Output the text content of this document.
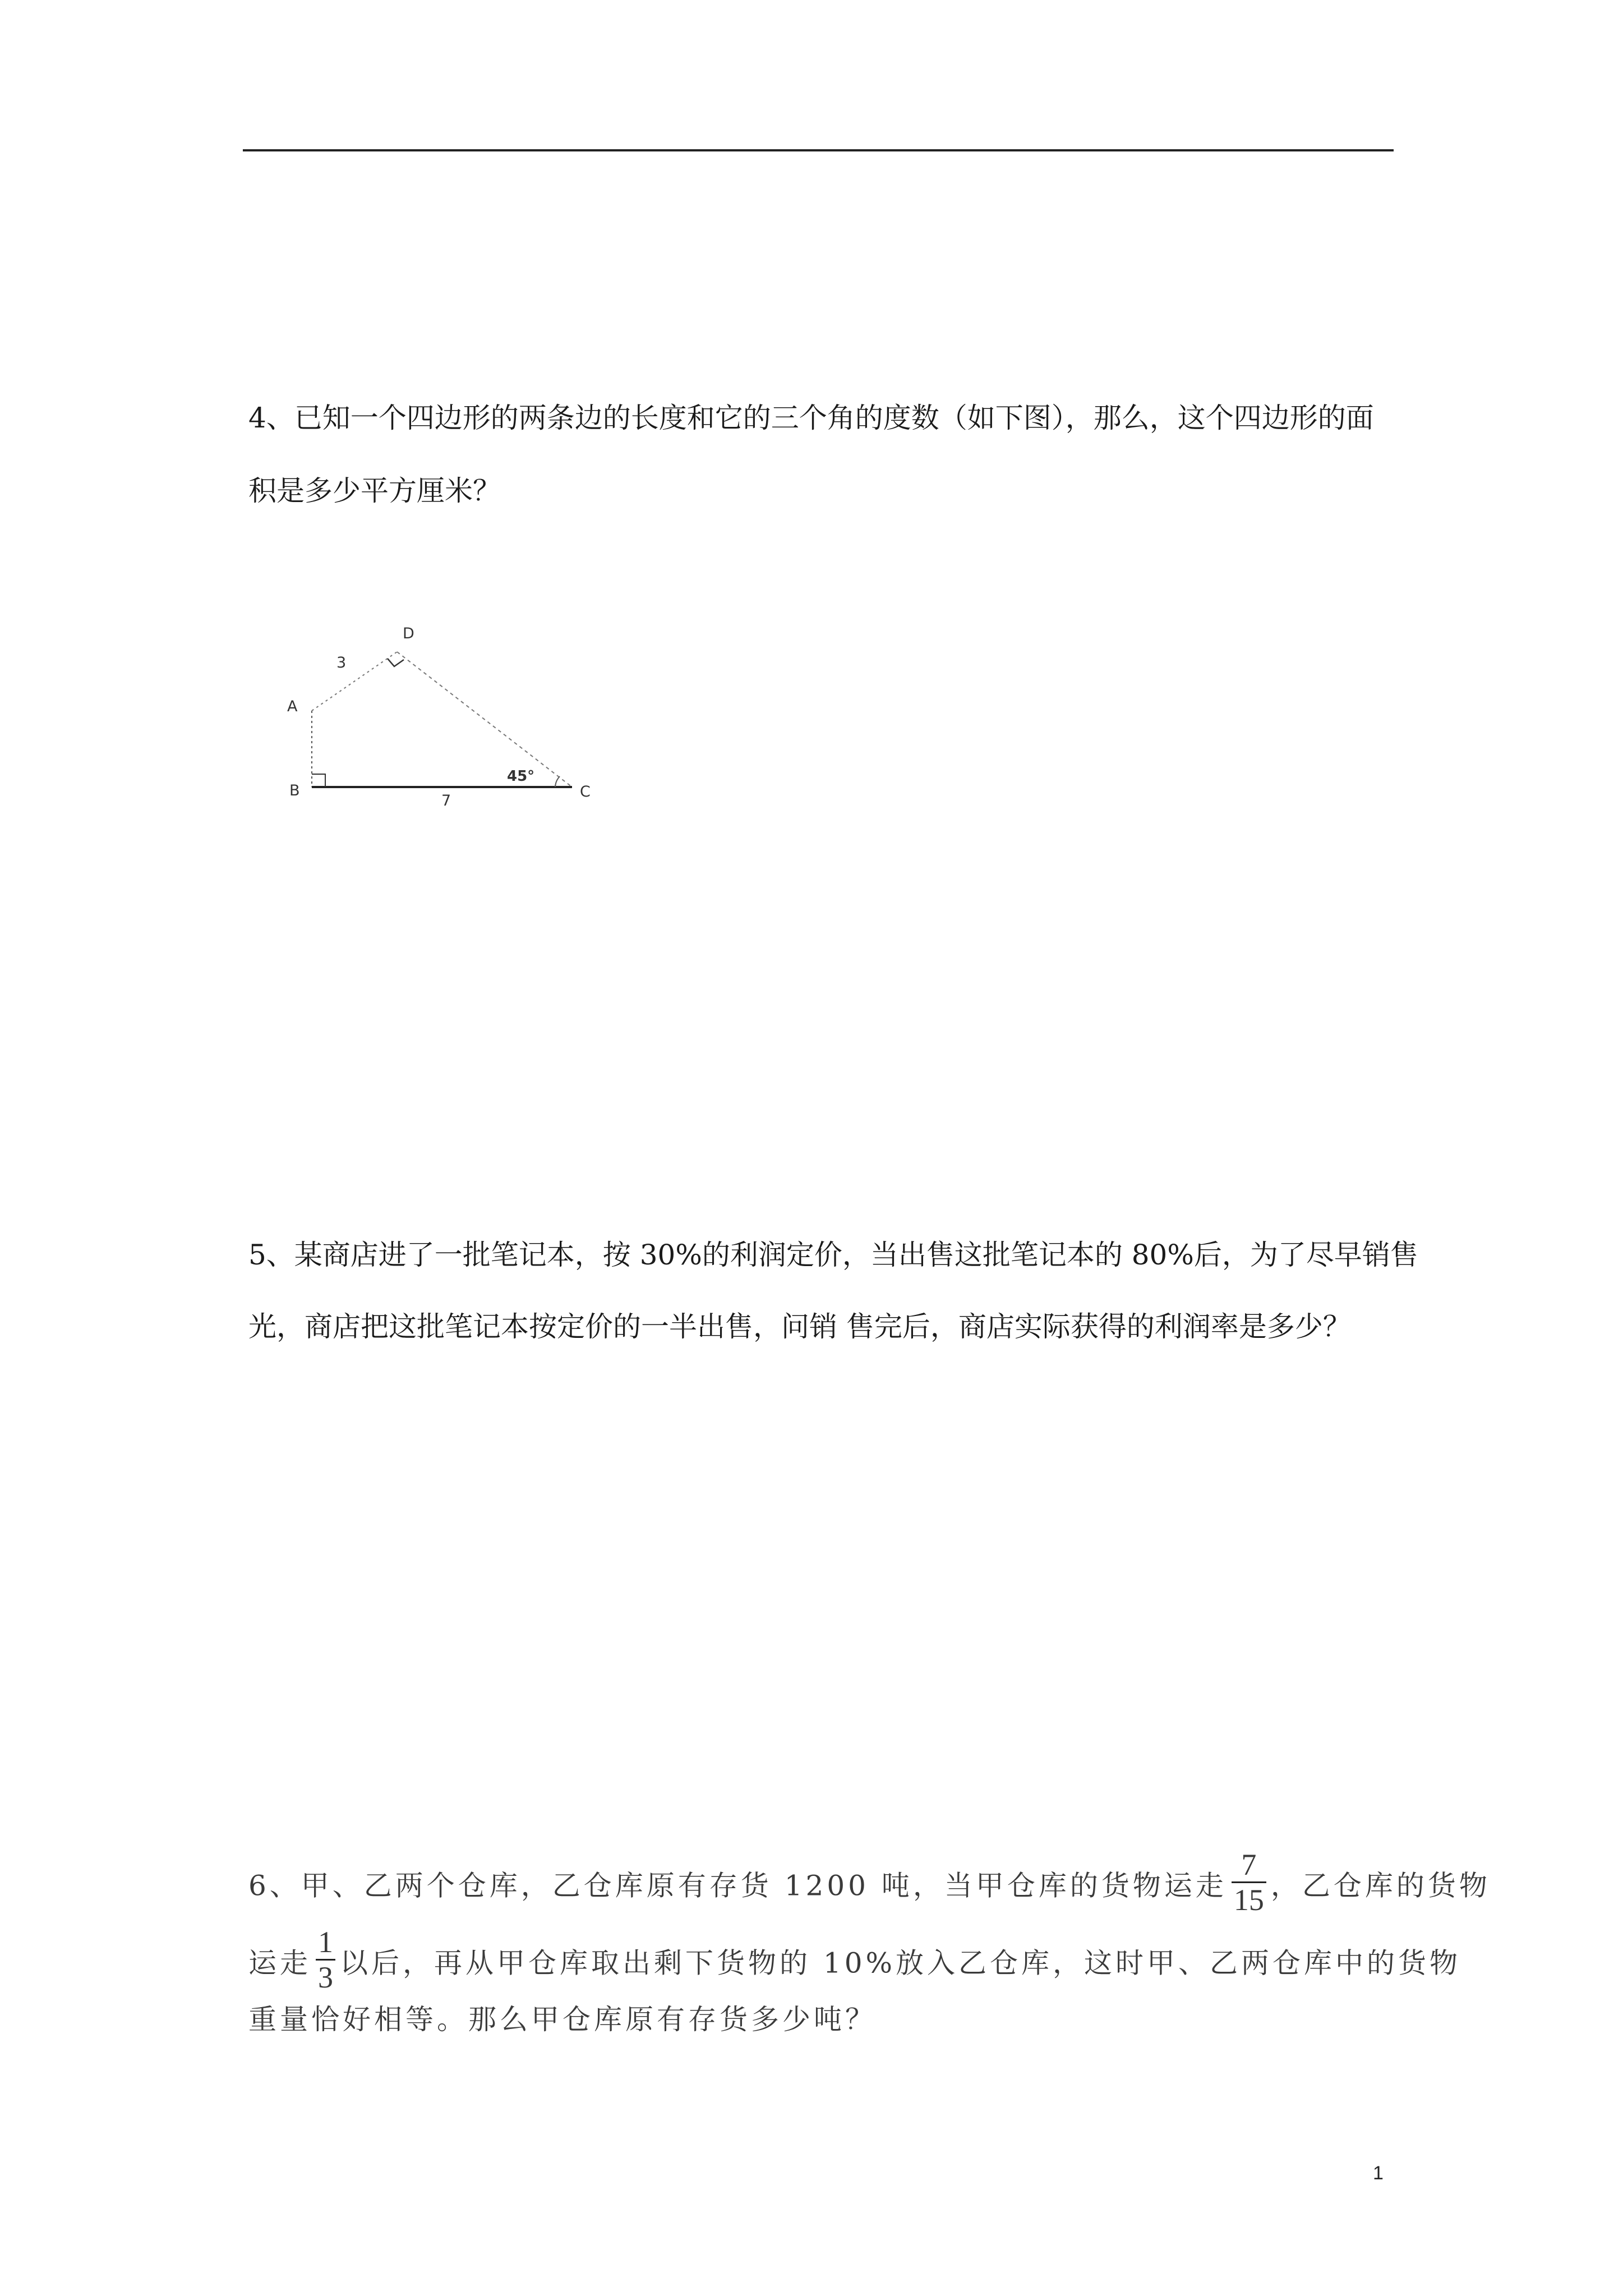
4、已知一个四边形的两条边的长度和它的三个角的度数（如下图），那么，这个四边形的面
积是多少平方厘米？
D
3
A
B
7
45°
C
5、某商店进了一批笔记本，按 30%的利润定价，当出售这批笔记本的 80%后，为了尽早销售
光，商店把这批笔记本按定价的一半出售，问销 售完后，商店实际获得的利润率是多少？
6、甲、乙两个仓库，乙仓库原有存货 1200 吨，当甲仓库的货物运走 $\frac{7}{15}$ ，乙仓库的货物
运走 $\frac{1}{3}$ 以后，再从甲仓库取出剩下货物的 10%放入乙仓库，这时甲、乙两仓库中的货物
重量恰好相等。那么甲仓库原有存货多少吨？
1
